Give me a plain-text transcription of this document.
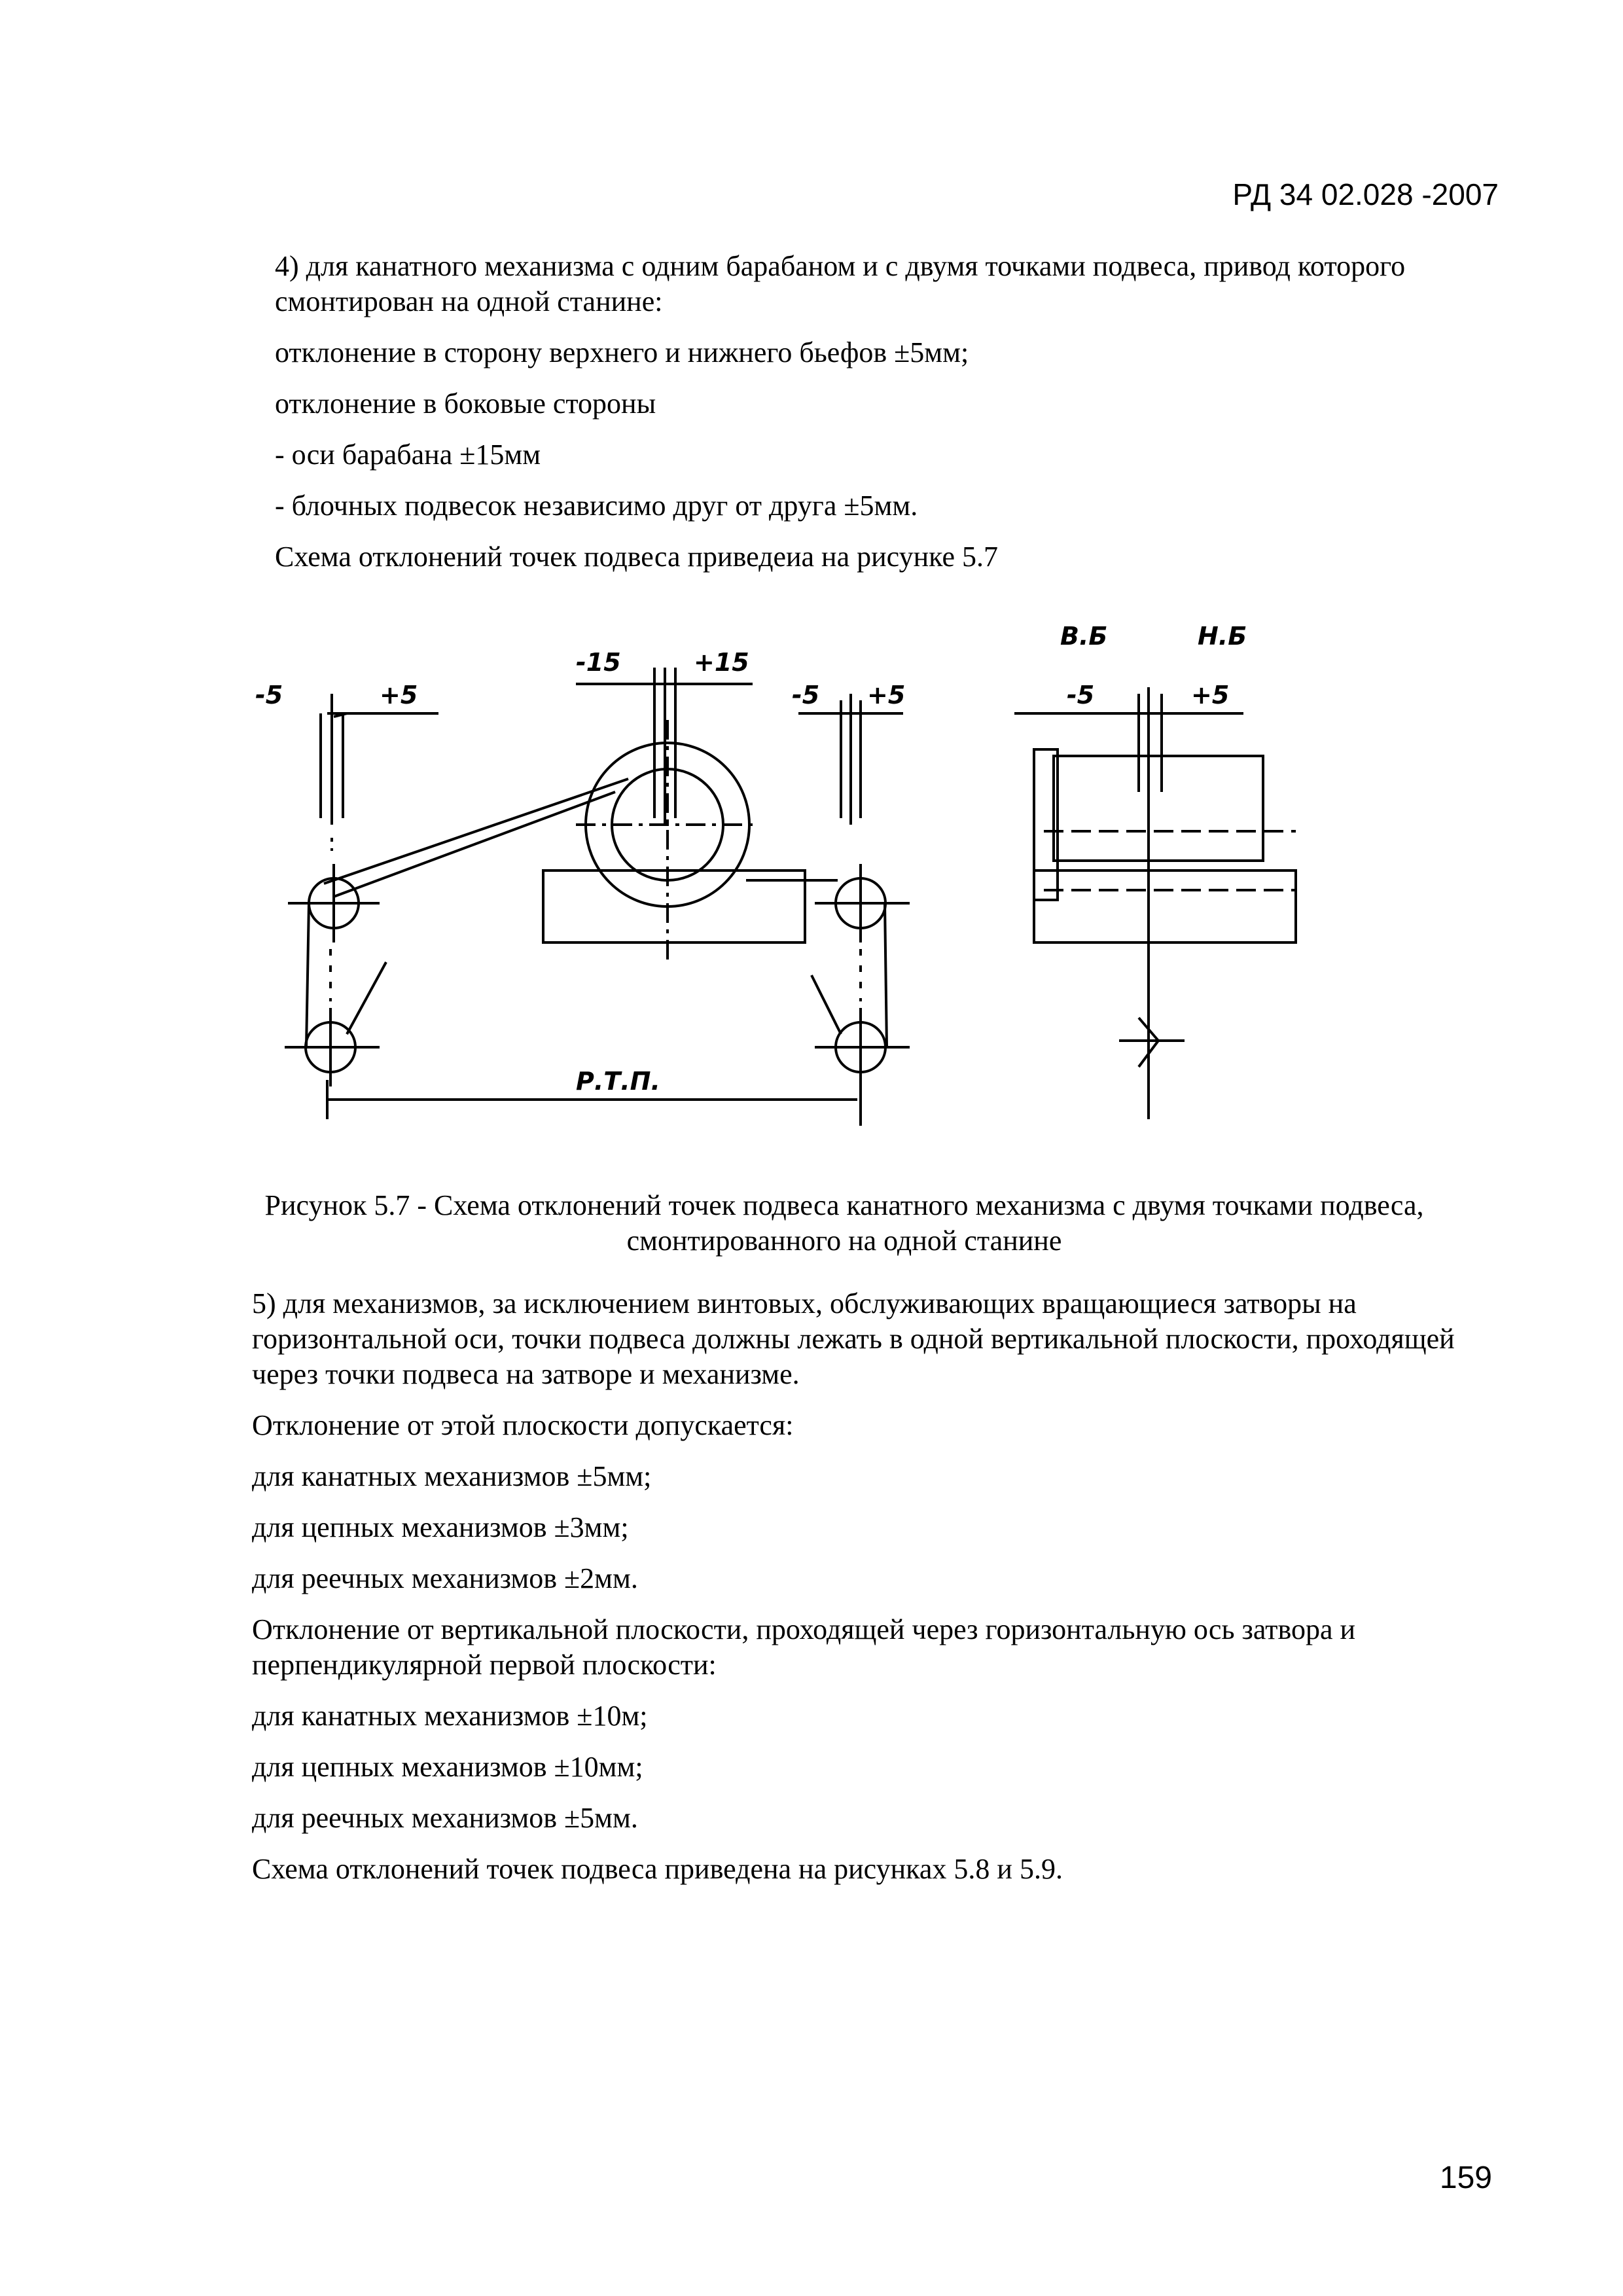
РД 34 02.028 -2007

4) для канатного механизма с одним барабаном и с двумя точками подвеса, привод которого смонтирован на одной станине:

отклонение в сторону верхнего и нижнего бьефов ±5мм;

отклонение в боковые стороны

- оси барабана ±15мм

- блочных подвесок независимо друг от друга ±5мм.

Схема отклонений точек подвеса приведеиа на рисунке 5.7

-5	+5
-15	+15
-5 +5
В.Б	Н.Б
-5	+5
Р.Т.П.
Рисунок 5.7 - Схема отклонений точек подвеса канатного механизма с двумя точками подвеса,
смонтированного на одной станине

5) для механизмов, за исключением винтовых, обслуживающих вращающиеся затворы на горизонтальной оси, точки подвеса должны лежать в одной вертикальной плоскости, проходящей через точки подвеса на затворе и механизме.

Отклонение от этой плоскости допускается:

для канатных механизмов ±5мм;

для цепных механизмов ±3мм;

для реечных механизмов ±2мм.

Отклонение от вертикальной плоскости, проходящей через горизонтальную ось затвора и перпендикулярной первой плоскости:

для канатных механизмов ±10м;

для цепных механизмов ±10мм;

для реечных механизмов ±5мм.

Схема отклонений точек подвеса приведена на рисунках 5.8 и 5.9.

159
